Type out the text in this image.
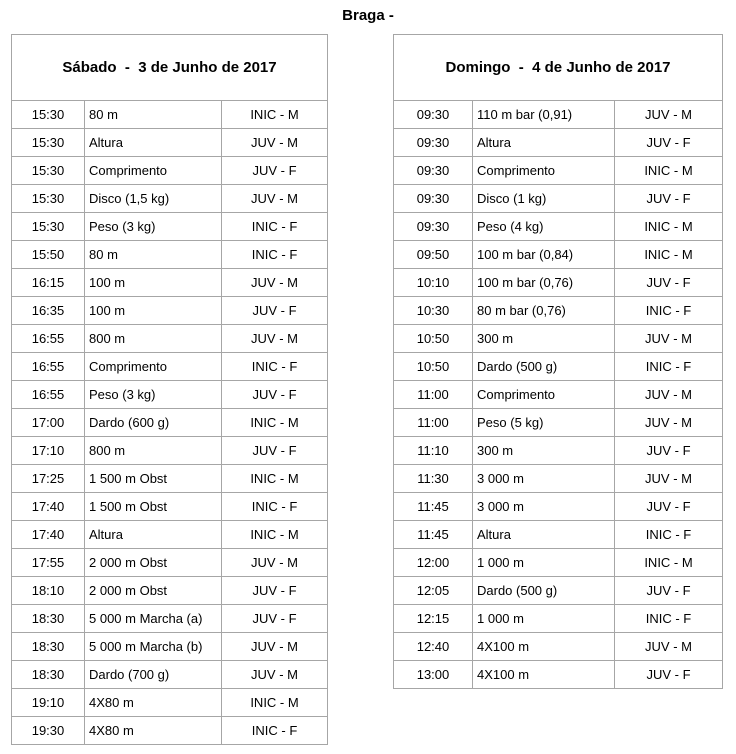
Braga -
Sábado  -  3 de Junho de 2017		
15:30	80 m	INIC - M
15:30	Altura	JUV - M
15:30	Comprimento	JUV - F
15:30	Disco (1,5 kg)	JUV - M
15:30	Peso (3 kg)	INIC - F
15:50	80 m	INIC - F
16:15	100 m	JUV - M
16:35	100 m	JUV - F
16:55	800 m	JUV - M
16:55	Comprimento	INIC - F
16:55	Peso (3 kg)	JUV - F
17:00	Dardo (600 g)	INIC - M
17:10	800 m	JUV - F
17:25	1 500 m Obst	INIC - M
17:40	1 500 m Obst	INIC - F
17:40	Altura	INIC - M
17:55	2 000 m Obst	JUV - M
18:10	2 000 m Obst	JUV - F
18:30	5 000 m Marcha (a)	JUV - F
18:30	5 000 m Marcha (b)	JUV - M
18:30	Dardo (700 g)	JUV - M
19:10	4X80 m	INIC - M
19:30	4X80 m	INIC - F
Domingo  -  4 de Junho de 2017		
09:30	110 m bar (0,91)	JUV - M
09:30	Altura	JUV - F
09:30	Comprimento	INIC - M
09:30	Disco (1 kg)	JUV - F
09:30	Peso (4 kg)	INIC - M
09:50	100 m bar (0,84)	INIC - M
10:10	100 m bar (0,76)	JUV - F
10:30	80 m bar (0,76)	INIC - F
10:50	300 m	JUV - M
10:50	Dardo (500 g)	INIC - F
11:00	Comprimento	JUV - M
11:00	Peso (5 kg)	JUV - M
11:10	300 m	JUV - F
11:30	3 000 m	JUV - M
11:45	3 000 m	JUV - F
11:45	Altura	INIC - F
12:00	1 000 m	INIC - M
12:05	Dardo (500 g)	JUV - F
12:15	1 000 m	INIC - F
12:40	4X100 m	JUV - M
13:00	4X100 m	JUV - F
